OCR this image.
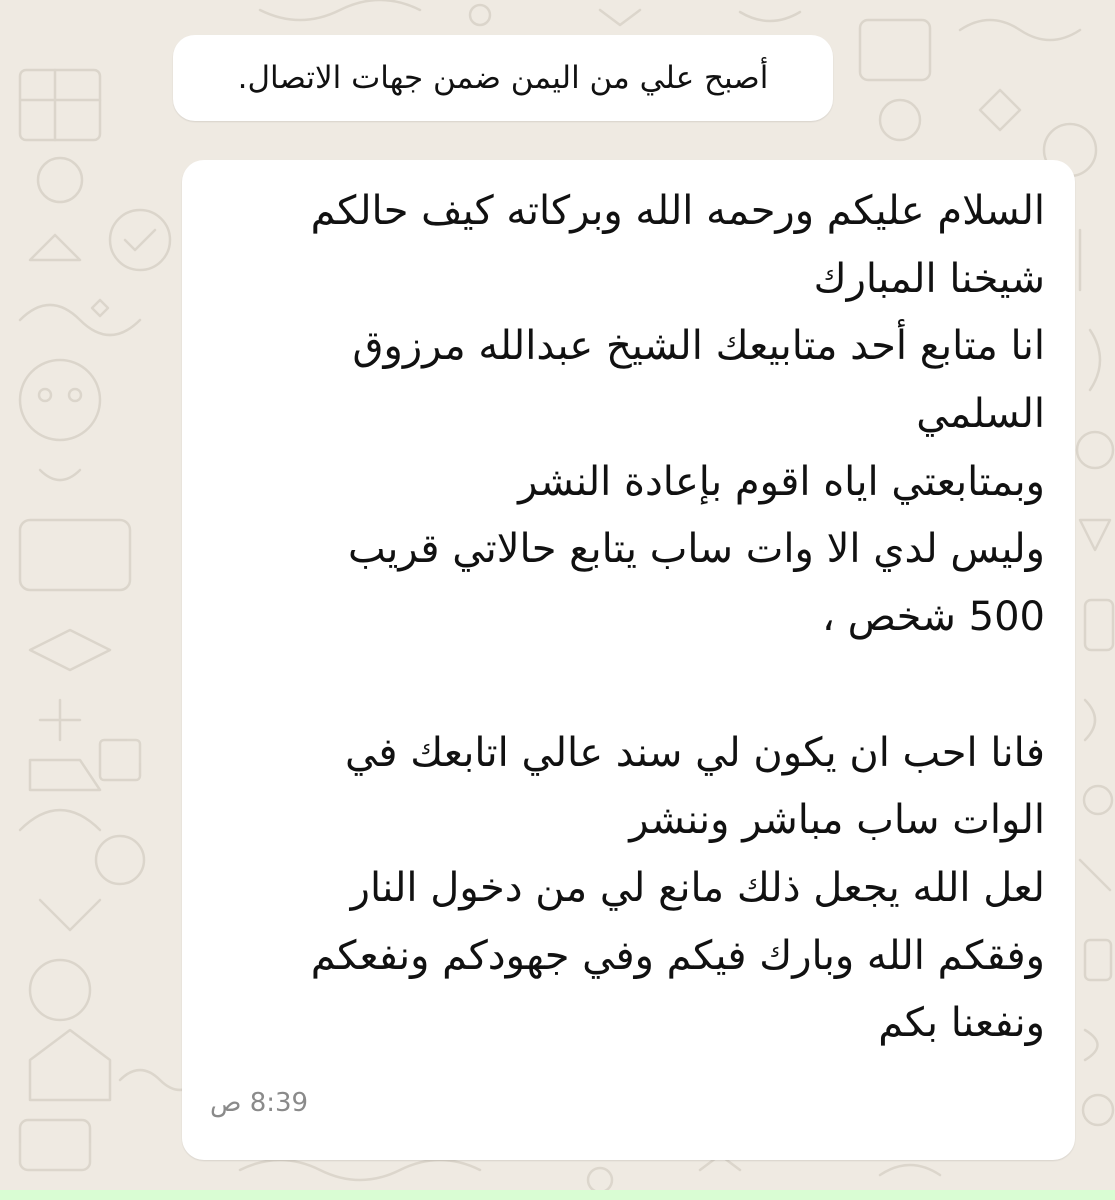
أصبح علي من اليمن ضمن جهات الاتصال.
السلام عليكم ورحمه الله وبركاته كيف حالكم
شيخنا المبارك
انا متابع أحد متابيعك الشيخ عبدالله مرزوق
السلمي
وبمتابعتي اياه اقوم بإعادة النشر
وليس لدي الا وات ساب يتابع حالاتي قريب
500 شخص ،
فانا احب ان يكون لي سند عالي اتابعك في
الوات ساب مباشر وننشر
لعل الله يجعل ذلك مانع لي من دخول النار
وفقكم الله وبارك فيكم وفي جهودكم ونفعكم
ونفعنا بكم
8:39 ص
